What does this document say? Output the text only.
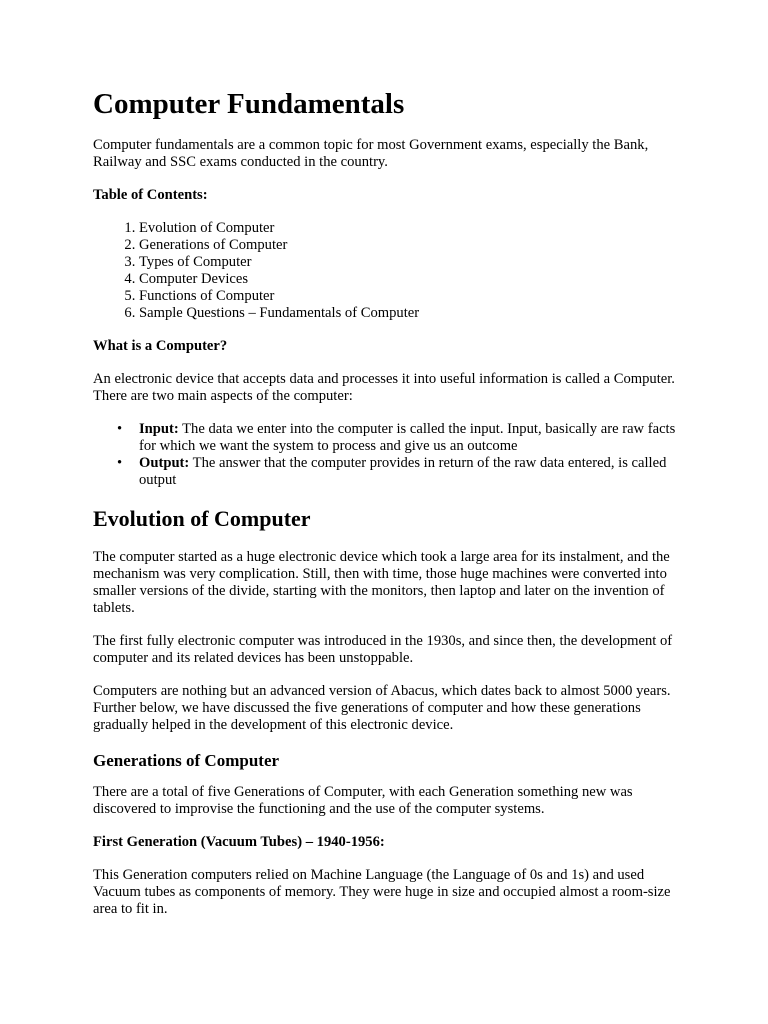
Computer Fundamentals

Computer fundamentals are a common topic for most Government exams, especially the Bank, Railway and SSC exams conducted in the country.

Table of Contents:

1. Evolution of Computer
2. Generations of Computer
3. Types of Computer
4. Computer Devices
5. Functions of Computer
6. Sample Questions – Fundamentals of Computer

What is a Computer?

An electronic device that accepts data and processes it into useful information is called a Computer. There are two main aspects of the computer:

• Input: The data we enter into the computer is called the input. Input, basically are raw facts for which we want the system to process and give us an outcome
• Output: The answer that the computer provides in return of the raw data entered, is called output
Evolution of Computer

The computer started as a huge electronic device which took a large area for its instalment, and the mechanism was very complication. Still, then with time, those huge machines were converted into smaller versions of the divide, starting with the monitors, then laptop and later on the invention of tablets.

The first fully electronic computer was introduced in the 1930s, and since then, the development of computer and its related devices has been unstoppable.

Computers are nothing but an advanced version of Abacus, which dates back to almost 5000 years. Further below, we have discussed the five generations of computer and how these generations gradually helped in the development of this electronic device.

Generations of Computer

There are a total of five Generations of Computer, with each Generation something new was discovered to improvise the functioning and the use of the computer systems.

First Generation (Vacuum Tubes) – 1940-1956:

This Generation computers relied on Machine Language (the Language of 0s and 1s) and used Vacuum tubes as components of memory. They were huge in size and occupied almost a room-size area to fit in.
